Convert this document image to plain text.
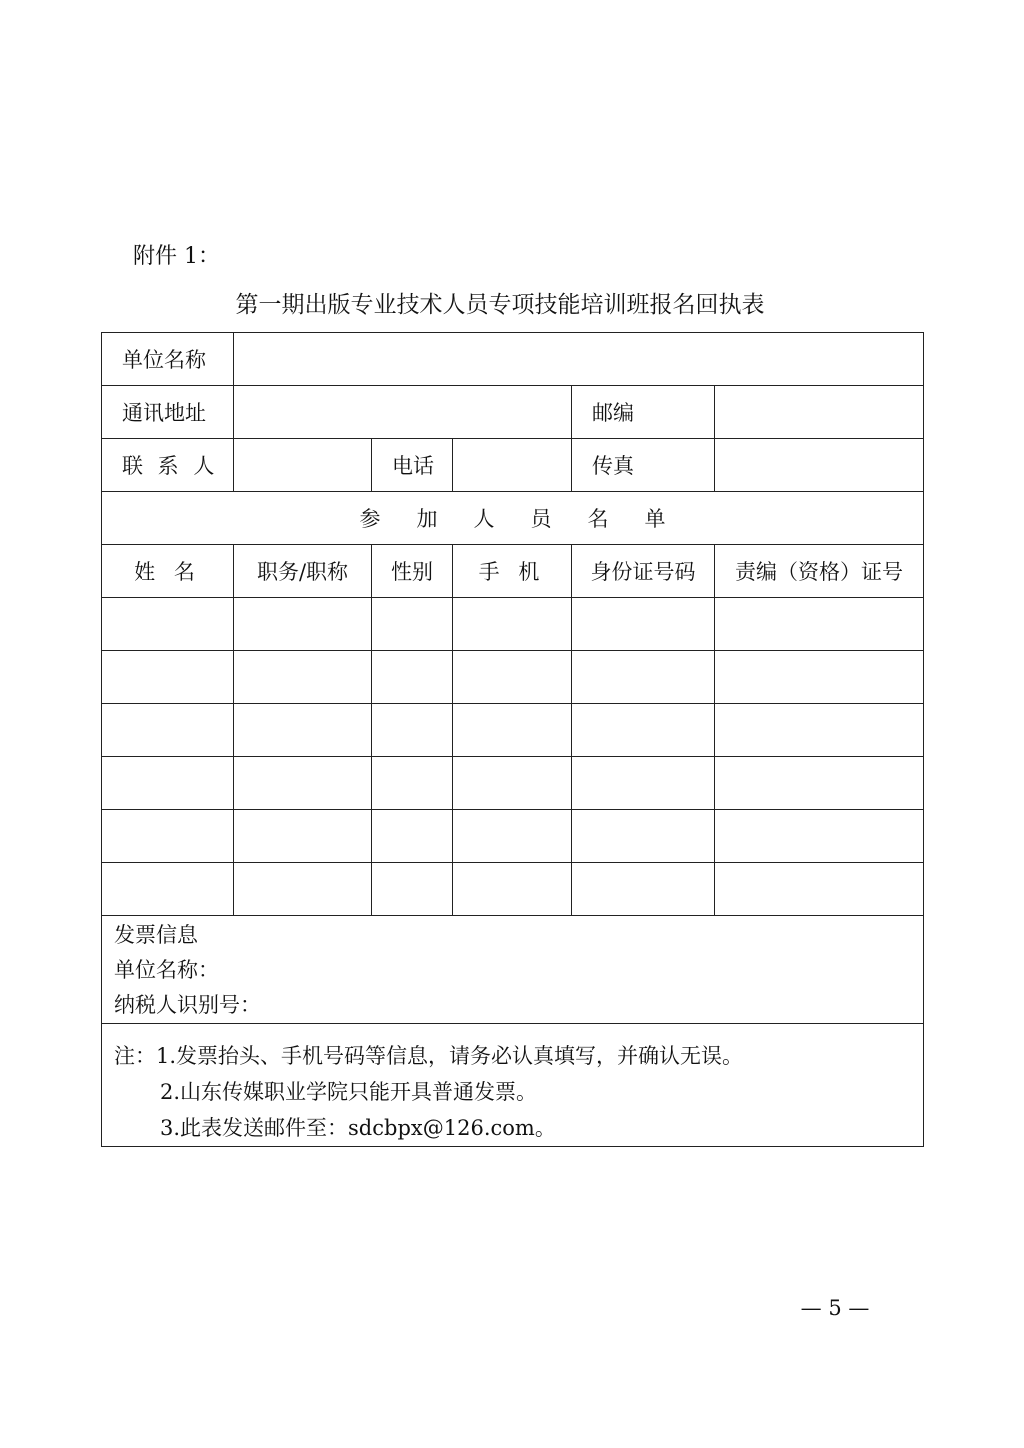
附件 1：
第一期出版专业技术人员专项技能培训班报名回执表
单位名称					
通讯地址				邮编	
联 系 人		电话		传真	
参加人员名单					
姓 名	职务/职称	性别	手 机	身份证号码	责编（资格）证号

发票信息
单位名称：
纳税人识别号：					

注：1.发票抬头、手机号码等信息，请务必认真填写，并确认无误。
2.山东传媒职业学院只能开具普通发票。
3.此表发送邮件至：sdcbpx@126.com。					
— 5 —
